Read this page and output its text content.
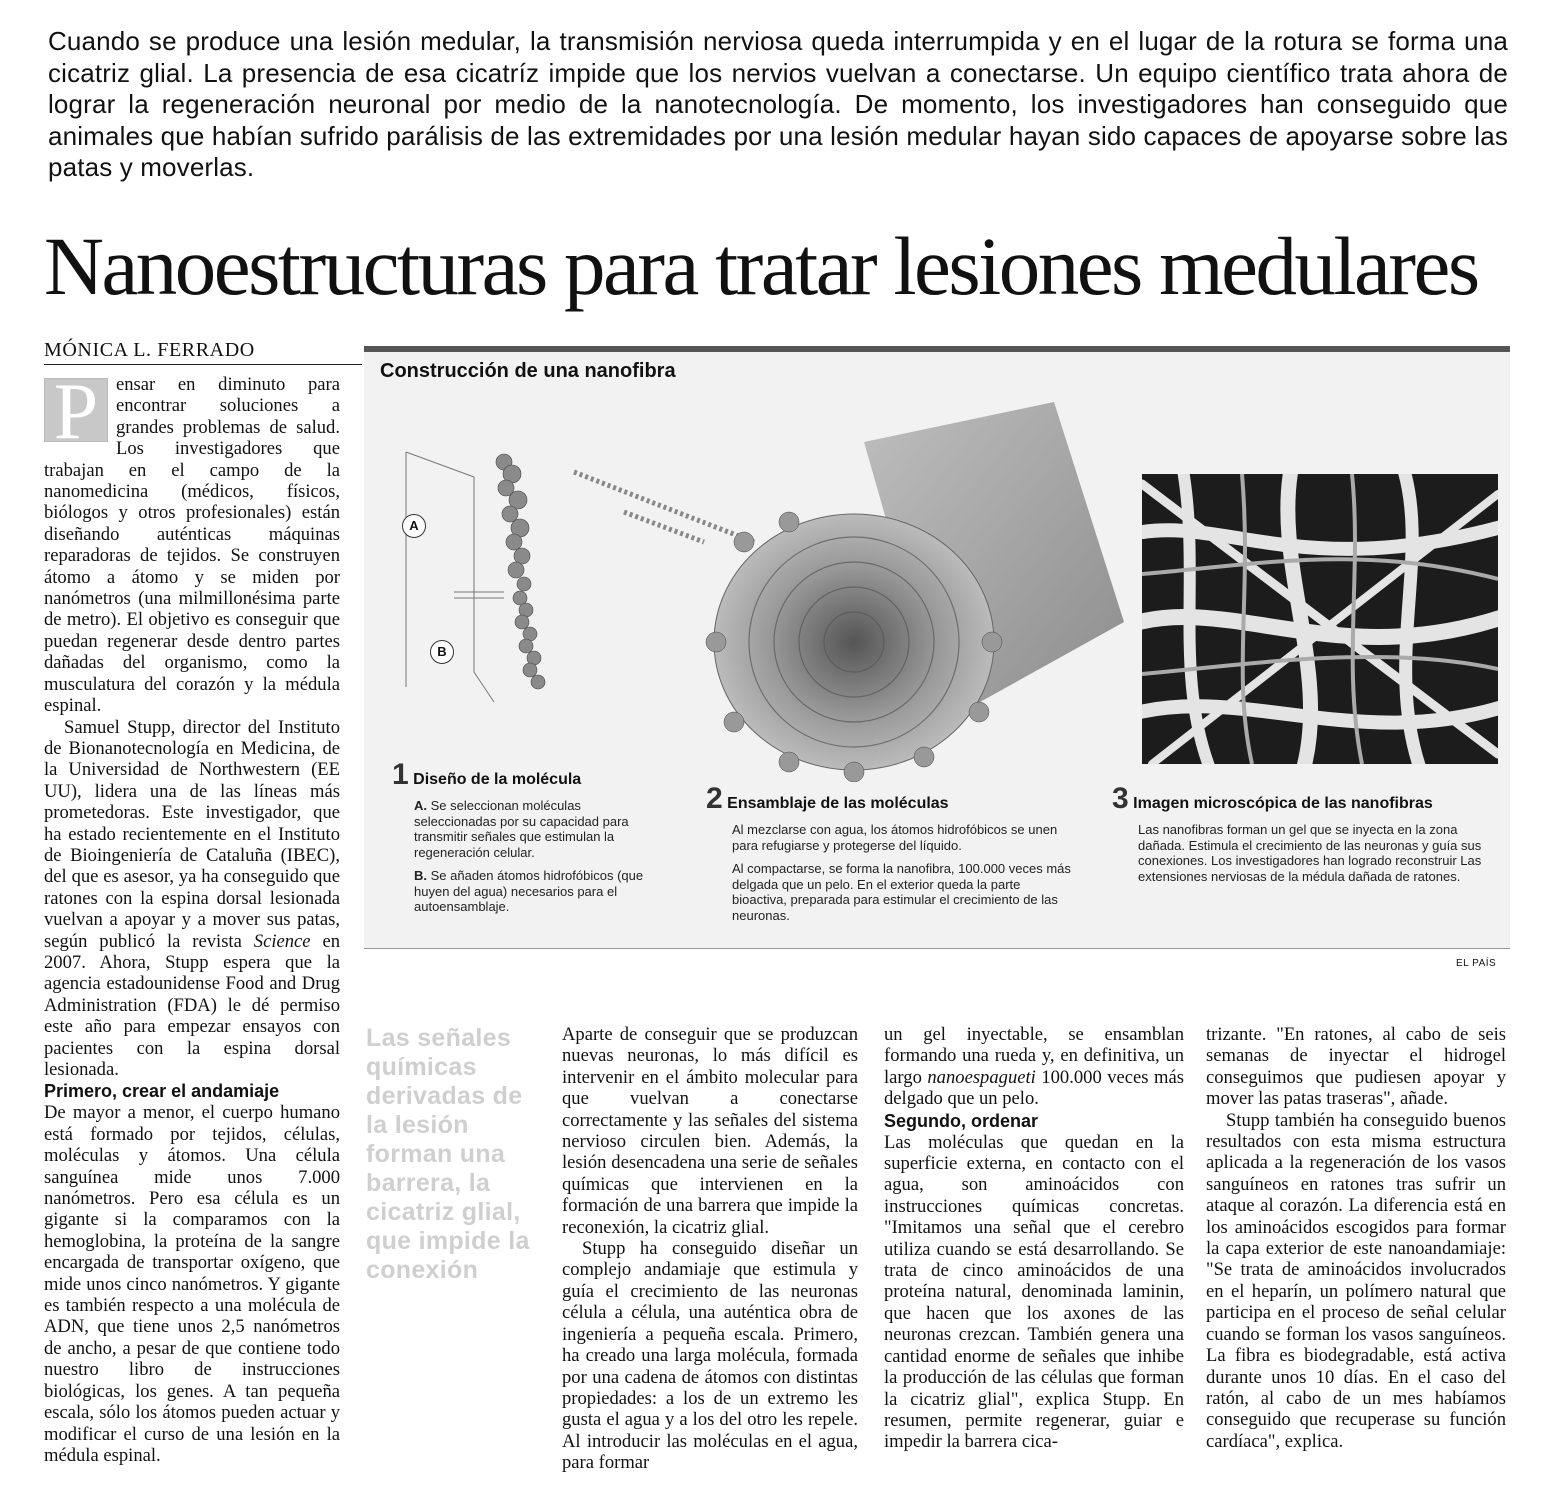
Cuando se produce una lesión medular, la transmisión nerviosa queda interrumpida y en el lugar de la rotura se forma una cicatriz glial. La presencia de esa cicatríz impide que los nervios vuelvan a conectarse. Un equipo científico trata ahora de lograr la regeneración neuronal por medio de la nanotecnología. De momento, los investigadores han conseguido que animales que habían sufrido parálisis de las extremidades por una lesión medular hayan sido capaces de apoyarse sobre las patas y moverlas.
Nanoestructuras para tratar lesiones medulares
MÓNICA L. FERRADO

P ensar en diminuto para encontrar soluciones a grandes problemas de salud. Los investigadores que trabajan en el campo de la nanomedicina (médicos, físicos, biólogos y otros profesionales) están diseñando auténticas máquinas reparadoras de tejidos. Se construyen átomo a átomo y se miden por nanómetros (una milmillonésima parte de metro). El objetivo es conseguir que puedan regenerar desde dentro partes dañadas del organismo, como la musculatura del corazón y la médula espinal.

Samuel Stupp, director del Instituto de Bionanotecnología en Medicina, de la Universidad de Northwestern (EE UU), lidera una de las líneas más prometedoras. Este investigador, que ha estado recientemente en el Instituto de Bioingeniería de Cataluña (IBEC), del que es asesor, ya ha conseguido que ratones con la espina dorsal lesionada vuelvan a apoyar y a mover sus patas, según publicó la revista Science en 2007. Ahora, Stupp espera que la agencia estadounidense Food and Drug Administration (FDA) le dé permiso este año para empezar ensayos con pacientes con la espina dorsal lesionada.

Primero, crear el andamiaje

De mayor a menor, el cuerpo humano está formado por tejidos, células, moléculas y átomos. Una célula sanguínea mide unos 7.000 nanómetros. Pero esa célula es un gigante si la comparamos con la hemoglobina, la proteína de la sangre encargada de transportar oxígeno, que mide unos cinco nanómetros. Y gigante es también respecto a una molécula de ADN, que tiene unos 2,5 nanómetros de ancho, a pesar de que contiene todo nuestro libro de instrucciones biológicas, los genes. A tan pequeña escala, sólo los átomos pueden actuar y modificar el curso de una lesión en la médula espinal.

Construcción de una nanofibra
A
B
1 Diseño de la molécula

A. Se seleccionan moléculas seleccionadas por su capacidad para transmitir señales que estimulan la regeneración celular.

B. Se añaden átomos hidrofóbicos (que huyen del agua) necesarios para el autoensamblaje.

2 Ensamblaje de las moléculas

Al mezclarse con agua, los átomos hidrofóbicos se unen para refugiarse y protegerse del líquido.

Al compactarse, se forma la nanofibra, 100.000 veces más delgada que un pelo. En el exterior queda la parte bioactiva, preparada para estimular el crecimiento de las neuronas.

3 Imagen microscópica de las nanofibras

Las nanofibras forman un gel que se inyecta en la zona dañada. Estimula el crecimiento de las neuronas y guía sus conexiones. Los investigadores han logrado reconstruir Las extensiones nerviosas de la médula dañada de ratones.

EL PAÍS
Las señales químicas derivadas de la lesión forman una barrera, la cicatriz glial, que impide la conexión

Aparte de conseguir que se produzcan nuevas neuronas, lo más difícil es intervenir en el ámbito molecular para que vuelvan a conectarse correctamente y las señales del sistema nervioso circulen bien. Además, la lesión desencadena una serie de señales químicas que intervienen en la formación de una barrera que impide la reconexión, la cicatriz glial.

Stupp ha conseguido diseñar un complejo andamiaje que estimula y guía el crecimiento de las neuronas célula a célula, una auténtica obra de ingeniería a pequeña escala. Primero, ha creado una larga molécula, formada por una cadena de átomos con distintas propiedades: a los de un extremo les gusta el agua y a los del otro les repele. Al introducir las moléculas en el agua, para formar

un gel inyectable, se ensamblan formando una rueda y, en definitiva, un largo nanoespagueti 100.000 veces más delgado que un pelo.

Segundo, ordenar

Las moléculas que quedan en la superficie externa, en contacto con el agua, son aminoácidos con instrucciones químicas concretas. "Imitamos una señal que el cerebro utiliza cuando se está desarrollando. Se trata de cinco aminoácidos de una proteína natural, denominada laminin, que hacen que los axones de las neuronas crezcan. También genera una cantidad enorme de señales que inhibe la producción de las células que forman la cicatriz glial", explica Stupp. En resumen, permite regenerar, guiar e impedir la barrera cica-

trizante. "En ratones, al cabo de seis semanas de inyectar el hidrogel conseguimos que pudiesen apoyar y mover las patas traseras", añade.

Stupp también ha conseguido buenos resultados con esta misma estructura aplicada a la regeneración de los vasos sanguíneos en ratones tras sufrir un ataque al corazón. La diferencia está en los aminoácidos escogidos para formar la capa exterior de este nanoandamiaje: "Se trata de aminoácidos involucrados en el heparín, un polímero natural que participa en el proceso de señal celular cuando se forman los vasos sanguíneos. La fibra es biodegradable, está activa durante unos 10 días. En el caso del ratón, al cabo de un mes habíamos conseguido que recuperase su función cardíaca", explica.
